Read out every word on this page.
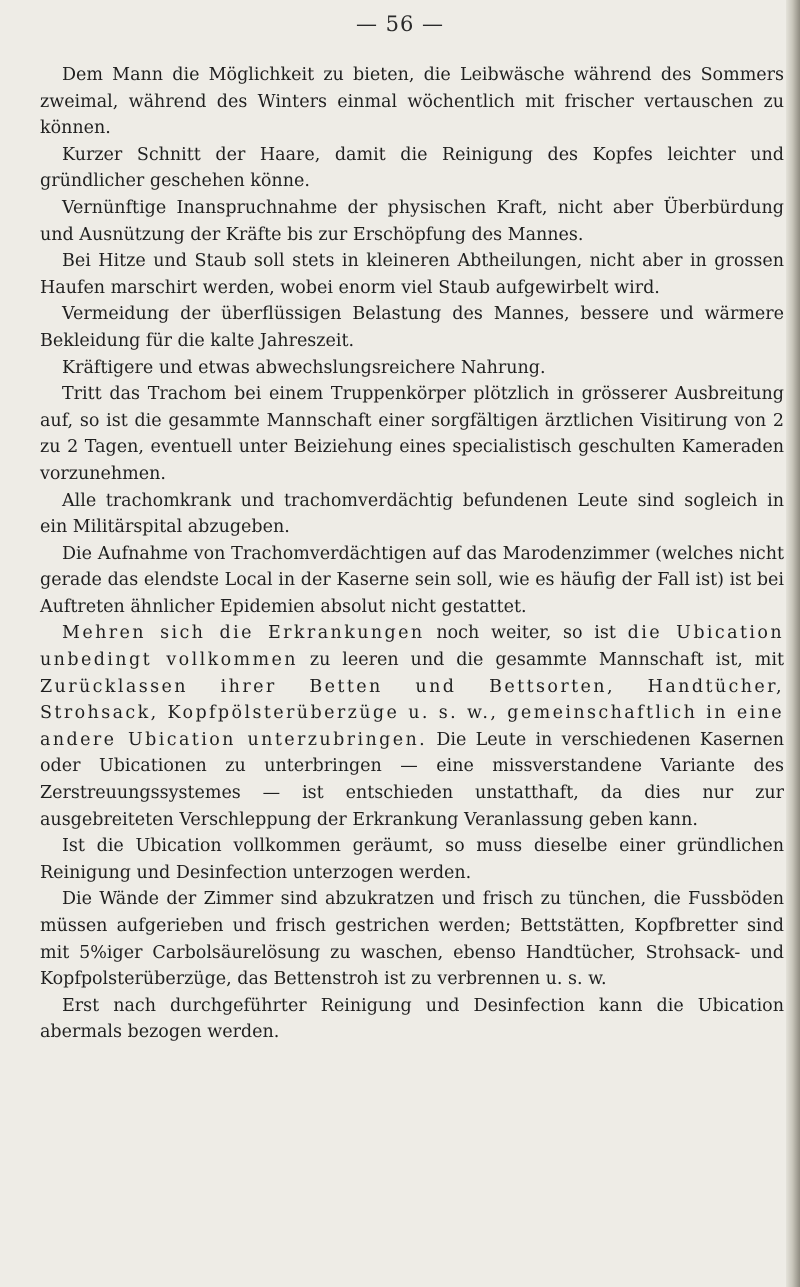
— 56 —

Dem Mann die Möglichkeit zu bieten, die Leibwäsche während des Sommers zweimal, während des Winters einmal wöchentlich mit frischer vertauschen zu können.

Kurzer Schnitt der Haare, damit die Reinigung des Kopfes leichter und gründlicher geschehen könne.

Vernünftige Inanspruchnahme der physischen Kraft, nicht aber Überbürdung und Ausnützung der Kräfte bis zur Erschöpfung des Mannes.

Bei Hitze und Staub soll stets in kleineren Abtheilungen, nicht aber in grossen Haufen marschirt werden, wobei enorm viel Staub aufgewirbelt wird.

Vermeidung der überflüssigen Belastung des Mannes, bessere und wärmere Bekleidung für die kalte Jahreszeit.

Kräftigere und etwas abwechslungsreichere Nahrung.

Tritt das Trachom bei einem Truppenkörper plötzlich in grösserer Ausbreitung auf, so ist die gesammte Mannschaft einer sorgfältigen ärztlichen Visitirung von 2 zu 2 Tagen, eventuell unter Beiziehung eines specialistisch geschulten Kameraden vorzunehmen.

Alle trachomkrank und trachomverdächtig befundenen Leute sind sogleich in ein Militärspital abzugeben.

Die Aufnahme von Trachomverdächtigen auf das Marodenzimmer (welches nicht gerade das elendste Local in der Kaserne sein soll, wie es häufig der Fall ist) ist bei Auftreten ähnlicher Epidemien absolut nicht gestattet.

Mehren sich die Erkrankungen noch weiter, so ist die Ubication unbedingt vollkommen zu leeren und die gesammte Mannschaft ist, mit Zurücklassen ihrer Betten und Bettsorten, Handtücher, Strohsack, Kopfpölsterüberzüge u. s. w., gemeinschaftlich in eine andere Ubication unterzubringen. Die Leute in verschiedenen Kasernen oder Ubicationen zu unterbringen — eine missverstandene Variante des Zerstreuungssystemes — ist entschieden unstatthaft, da dies nur zur ausgebreiteten Verschleppung der Erkrankung Veranlassung geben kann.

Ist die Ubication vollkommen geräumt, so muss dieselbe einer gründlichen Reinigung und Desinfection unterzogen werden.

Die Wände der Zimmer sind abzukratzen und frisch zu tünchen, die Fussböden müssen aufgerieben und frisch gestrichen werden; Bettstätten, Kopfbretter sind mit 5%iger Carbolsäurelösung zu waschen, ebenso Handtücher, Strohsack- und Kopfpolsterüberzüge, das Bettenstroh ist zu verbrennen u. s. w.

Erst nach durchgeführter Reinigung und Desinfection kann die Ubication abermals bezogen werden.
